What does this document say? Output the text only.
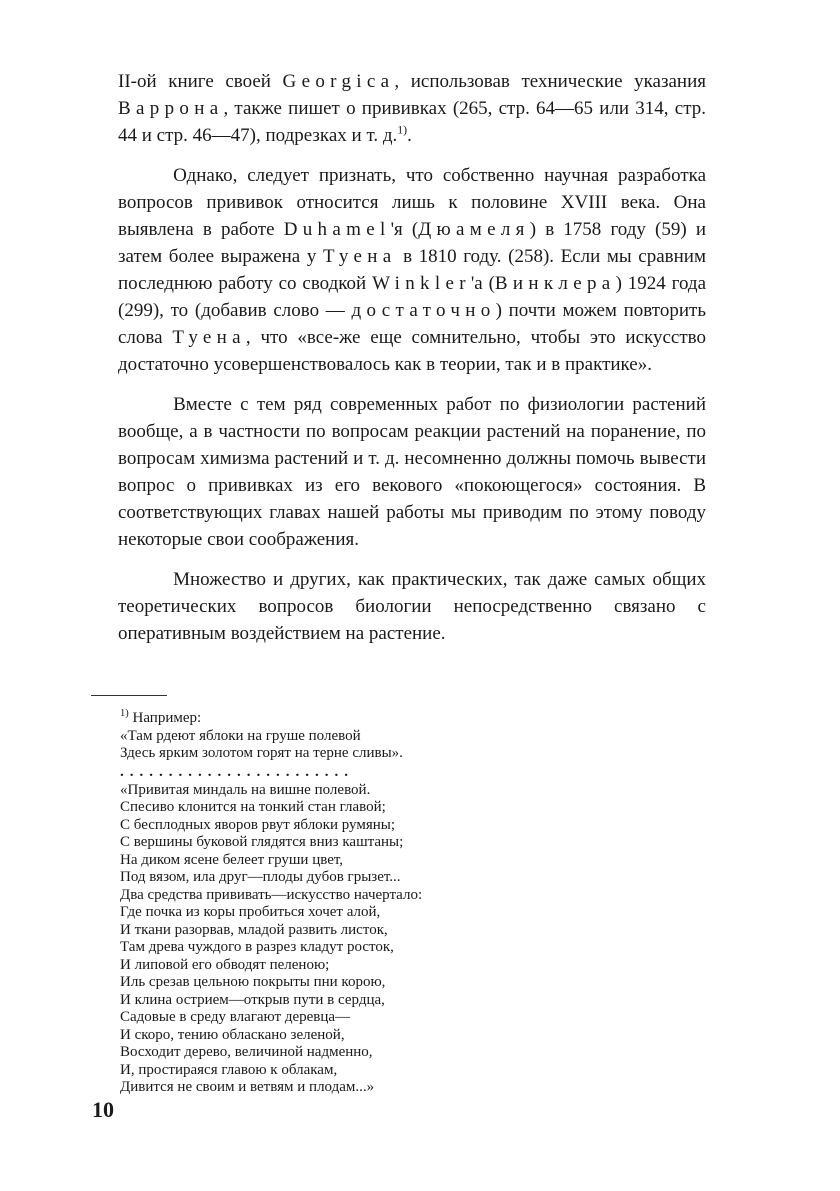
II-ой книге своей Georgica, использовав технические указания Варрона, также пишет о прививках (265, стр. 64—65 или 314, стр. 44 и стр. 46—47), подрезках и т. д.$^{1)}$.

Однако, следует признать, что собственно научная разработка вопросов прививок относится лишь к половине XVIII века. Она выявлена в работе Duhamel'я (Дюамеля) в 1758 году (59) и затем более выражена у Туена в 1810 году. (258). Если мы сравним последнюю работу со сводкой Winkler'а (Винклера) 1924 года (299), то (добавив слово — достаточно) почти можем повторить слова Туена, что «все-же еще сомнительно, чтобы это искусство достаточно усовершенствовалось как в теории, так и в практике».

Вместе с тем ряд современных работ по физиологии растений вообще, а в частности по вопросам реакции растений на поранение, по вопросам химизма растений и т. д. несомненно должны помочь вывести вопрос о прививках из его векового «покоющегося» состояния. В соответствующих главах нашей работы мы приводим по этому поводу некоторые свои соображения.

Множество и других, как практических, так даже самых общих теоретических вопросов биологии непосредственно связано с оперативным воздействием на растение.

$^{1)}$ Например:
«Там рдеют яблоки на груше полевой
Здесь ярким золотом горят на терне сливы».
........................
«Привитая миндаль на вишне полевой.
Спесиво клонится на тонкий стан главой;
С бесплодных яворов рвут яблоки румяны;
С вершины буковой глядятся вниз каштаны;
На диком ясене белеет груши цвет,
Под вязом, ила друг—плоды дубов грызет...
Два средства прививать—искусство начертало:
Где почка из коры пробиться хочет алой,
И ткани разорвав, младой развить листок,
Там древа чуждого в разрез кладут росток,
И липовой его обводят пеленою;
Иль срезав цельною покрыты пни корою,
И клина острием—открыв пути в сердца,
Садовые в среду влагают деревца—
И скоро, тению обласкано зеленой,
Восходит дерево, величиной надменно,
И, простираяся главою к облакам,
Дивится не своим и ветвям и плодам...»
10
